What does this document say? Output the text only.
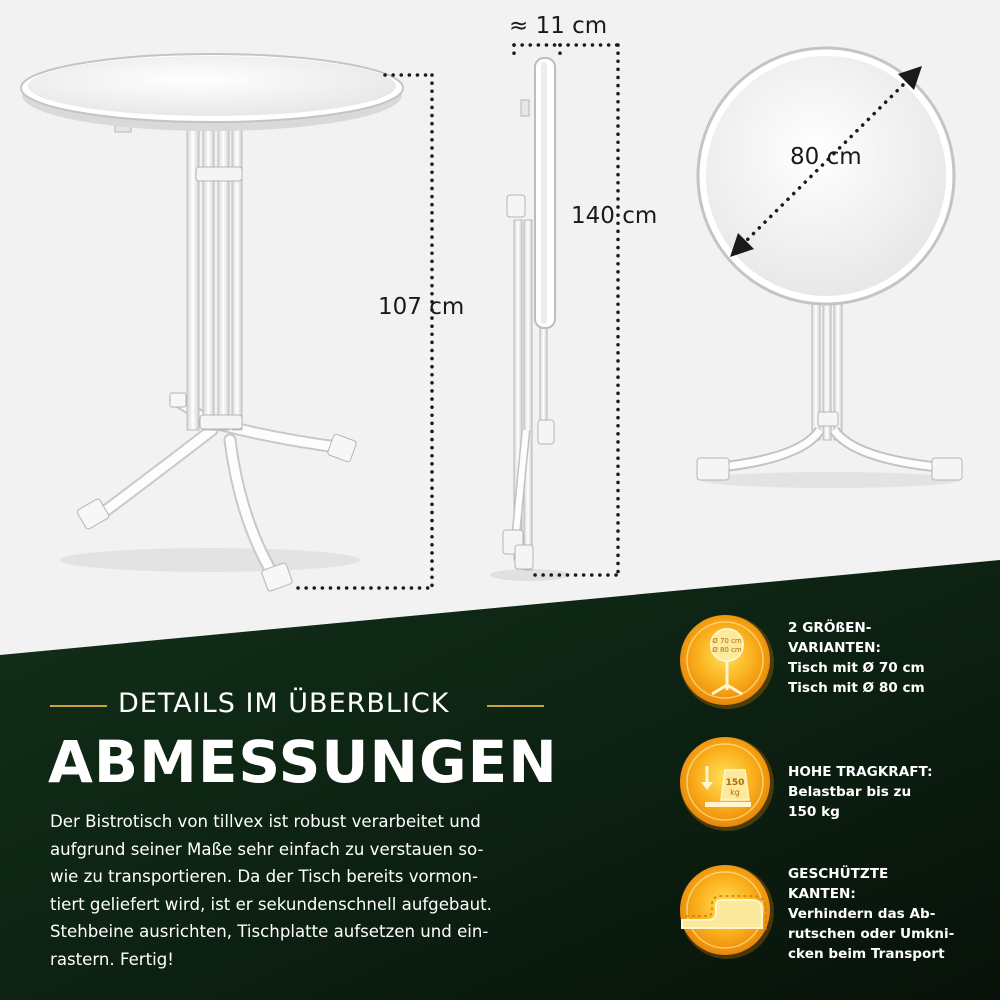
Ø 70 cm
Ø 80 cm
150
kg
107 cm
≈ 11 cm
140 cm
80 cm
DETAILS IM ÜBERBLICK
ABMESSUNGEN
Der Bistrotisch von tillvex ist robust verarbeitet und
aufgrund seiner Maße sehr einfach zu verstauen so-
wie zu transportieren. Da der Tisch bereits vormon-
tiert geliefert wird, ist er sekundenschnell aufgebaut.
Stehbeine ausrichten, Tischplatte aufsetzen und ein-
rastern. Fertig!
2 GRÖßEN-
VARIANTEN:
Tisch mit Ø 70 cm
Tisch mit Ø 80 cm
HOHE TRAGKRAFT:
Belastbar bis zu
150 kg
GESCHÜTZTE
KANTEN:
Verhindern das Ab-
rutschen oder Umkni-
cken beim Transport
